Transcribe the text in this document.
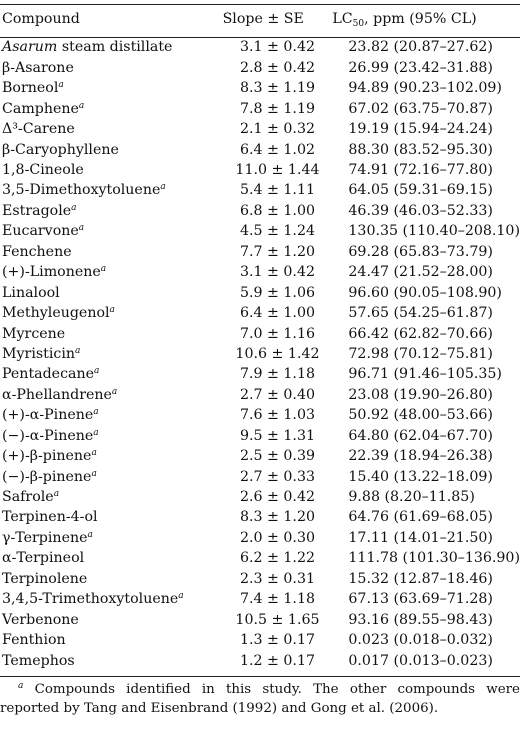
Compound	Slope ± SE	$LC_{50}$, ppm (95% CL)
Asarum steam distillate	3.1 ± 0.42	23.82 (20.87–27.62)
β-Asarone	2.8 ± 0.42	26.99 (23.42–31.88)
Borneol$^a$	8.3 ± 1.19	94.89 (90.23–102.09)
Camphene$^a$	7.8 ± 1.19	67.02 (63.75–70.87)
Δ³-Carene	2.1 ± 0.32	19.19 (15.94–24.24)
β-Caryophyllene	6.4 ± 1.02	88.30 (83.52–95.30)
1,8-Cineole	11.0 ± 1.44	74.91 (72.16–77.80)
3,5-Dimethoxytoluene$^a$	5.4 ± 1.11	64.05 (59.31–69.15)
Estragole$^a$	6.8 ± 1.00	46.39 (46.03–52.33)
Eucarvone$^a$	4.5 ± 1.24	130.35 (110.40–208.10)
Fenchene	7.7 ± 1.20	69.28 (65.83–73.79)
(+)-Limonene$^a$	3.1 ± 0.42	24.47 (21.52–28.00)
Linalool	5.9 ± 1.06	96.60 (90.05–108.90)
Methyleugenol$^a$	6.4 ± 1.00	57.65 (54.25–61.87)
Myrcene	7.0 ± 1.16	66.42 (62.82–70.66)
Myristicin$^a$	10.6 ± 1.42	72.98 (70.12–75.81)
Pentadecane$^a$	7.9 ± 1.18	96.71 (91.46–105.35)
α-Phellandrene$^a$	2.7 ± 0.40	23.08 (19.90–26.80)
(+)-α-Pinene$^a$	7.6 ± 1.03	50.92 (48.00–53.66)
(−)-α-Pinene$^a$	9.5 ± 1.31	64.80 (62.04–67.70)
(+)-β-pinene$^a$	2.5 ± 0.39	22.39 (18.94–26.38)
(−)-β-pinene$^a$	2.7 ± 0.33	15.40 (13.22–18.09)
Safrole$^a$	2.6 ± 0.42	9.88 (8.20–11.85)
Terpinen-4-ol	8.3 ± 1.20	64.76 (61.69–68.05)
γ-Terpinene$^a$	2.0 ± 0.30	17.11 (14.01–21.50)
α-Terpineol	6.2 ± 1.22	111.78 (101.30–136.90)
Terpinolene	2.3 ± 0.31	15.32 (12.87–18.46)
3,4,5-Trimethoxytoluene$^a$	7.4 ± 1.18	67.13 (63.69–71.28)
Verbenone	10.5 ± 1.65	93.16 (89.55–98.43)
Fenthion	1.3 ± 0.17	0.023 (0.018–0.032)
Temephos	1.2 ± 0.17	0.017 (0.013–0.023)
$^a$ Compounds identified in this study. The other compounds were reported by Tang and Eisenbrand (1992) and Gong et al. (2006).
